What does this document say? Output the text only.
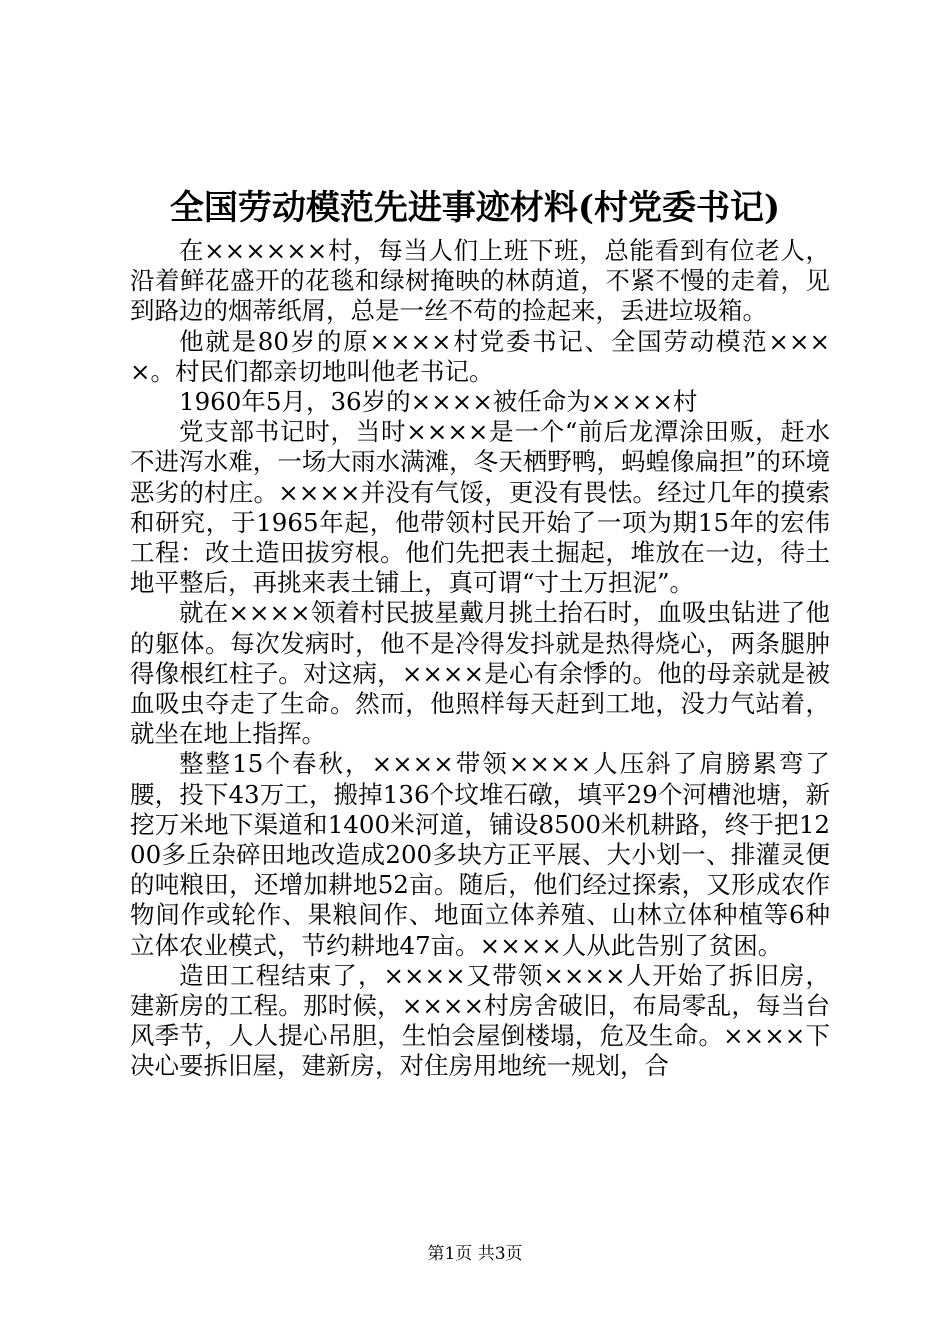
全国劳动模范先进事迹材料(村党委书记)

在××××××村，每当人们上班下班，总能看到有位老人，沿着鲜花盛开的花毯和绿树掩映的林荫道，不紧不慢的走着，见到路边的烟蒂纸屑，总是一丝不苟的捡起来，丢进垃圾箱。

他就是80岁的原××××村党委书记、全国劳动模范××××。村民们都亲切地叫他老书记。

1960年5月，36岁的××××被任命为××××村

党支部书记时，当时××××是一个“前后龙潭涂田贩，赶水不进泻水难，一场大雨水满滩，冬天栖野鸭，蚂蝗像扁担”的环境恶劣的村庄。××××并没有气馁，更没有畏怯。经过几年的摸索和研究，于1965年起，他带领村民开始了一项为期15年的宏伟工程：改土造田拔穷根。他们先把表土掘起，堆放在一边，待土地平整后，再挑来表土铺上，真可谓“寸土万担泥”。

就在××××领着村民披星戴月挑土抬石时，血吸虫钻进了他的躯体。每次发病时，他不是冷得发抖就是热得烧心，两条腿肿得像根红柱子。对这病，××××是心有余悸的。他的母亲就是被血吸虫夺走了生命。然而，他照样每天赶到工地，没力气站着，就坐在地上指挥。

整整15个春秋，××××带领××××人压斜了肩膀累弯了腰，投下43万工，搬掉136个坟堆石礅，填平29个河槽池塘，新挖万米地下渠道和1400米河道，铺设8500米机耕路，终于把1200多丘杂碎田地改造成200多块方正平展、大小划一、排灌灵便的吨粮田，还增加耕地52亩。随后，他们经过探索，又形成农作物间作或轮作、果粮间作、地面立体养殖、山林立体种植等6种立体农业模式，节约耕地47亩。××××人从此告别了贫困。

造田工程结束了，××××又带领××××人开始了拆旧房，建新房的工程。那时候，××××村房舍破旧，布局零乱，每当台风季节，人人提心吊胆，生怕会屋倒楼塌，危及生命。××××下决心要拆旧屋，建新房，对住房用地统一规划，合

第1页 共3页
